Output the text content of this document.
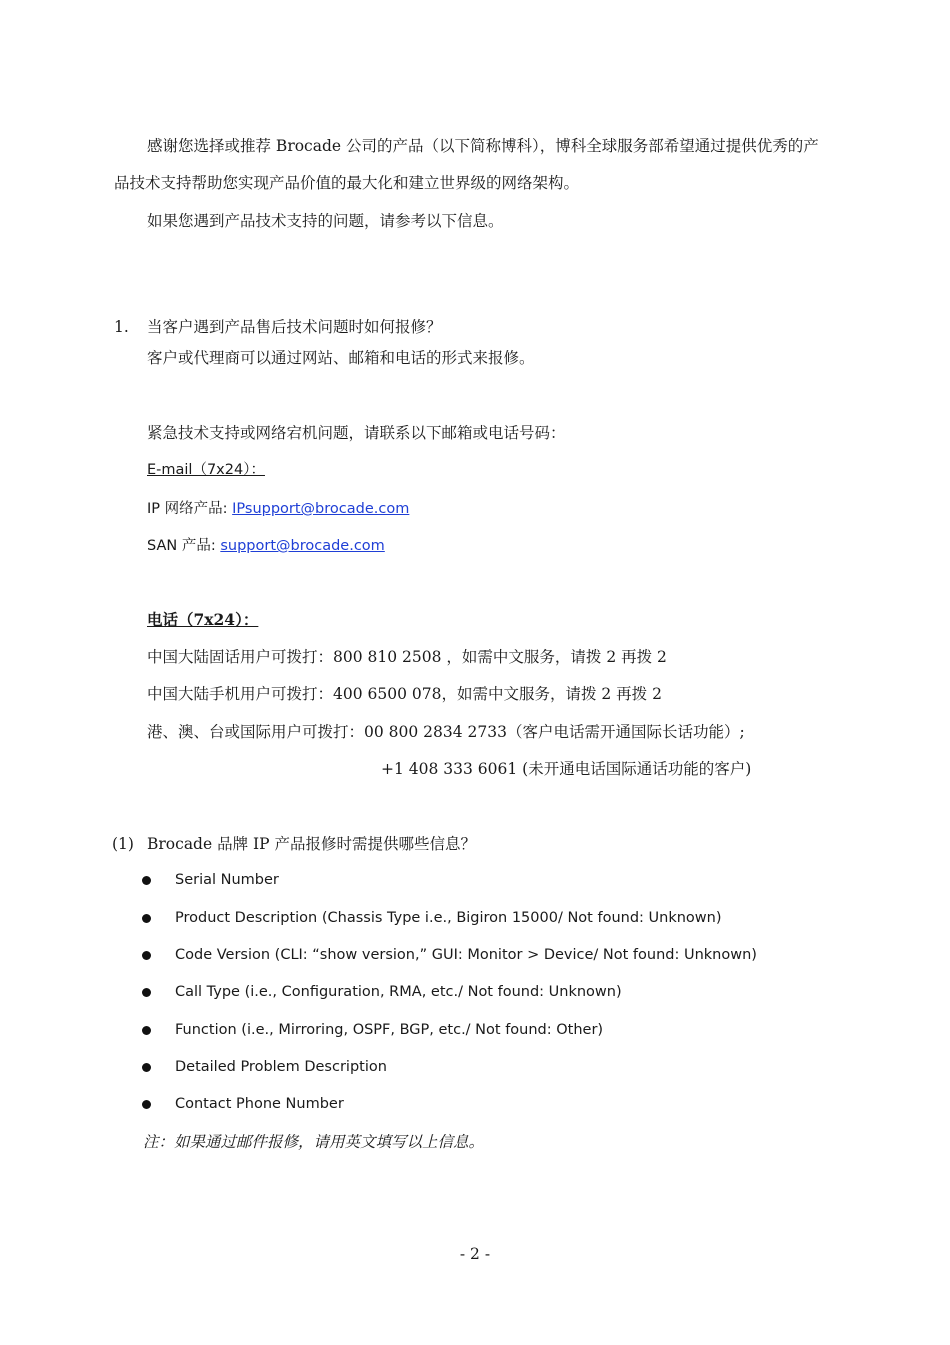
感谢您选择或推荐 Brocade 公司的产品（以下简称博科），博科全球服务部希望通过提供优秀的产
品技术支持帮助您实现产品价值的最大化和建立世界级的网络架构。
如果您遇到产品技术支持的问题，请参考以下信息。
1. 当客户遇到产品售后技术问题时如何报修？
客户或代理商可以通过网站、邮箱和电话的形式来报修。
紧急技术支持或网络宕机问题，请联系以下邮箱或电话号码：
E-mail（7x24）：
IP 网络产品: IPsupport@brocade.com
SAN 产品: support@brocade.com
电话（7x24）：
中国大陆固话用户可拨打：800 810 2508 ，如需中文服务，请拨 2 再拨 2
中国大陆手机用户可拨打：400 6500 078，如需中文服务，请拨 2 再拨 2
港、澳、台或国际用户可拨打：00 800 2834 2733（客户电话需开通国际长话功能）;
+1 408 333 6061 (未开通电话国际通话功能的客户)
(1) Brocade 品牌 IP 产品报修时需提供哪些信息？
Serial Number
Product Description (Chassis Type i.e., Bigiron 15000/ Not found: Unknown)
Code Version (CLI: “show version,” GUI: Monitor > Device/ Not found: Unknown)
Call Type (i.e., Configuration, RMA, etc./ Not found: Unknown)
Function (i.e., Mirroring, OSPF, BGP, etc./ Not found: Other)
Detailed Problem Description
Contact Phone Number
注：如果通过邮件报修，请用英文填写以上信息。
- 2 -
